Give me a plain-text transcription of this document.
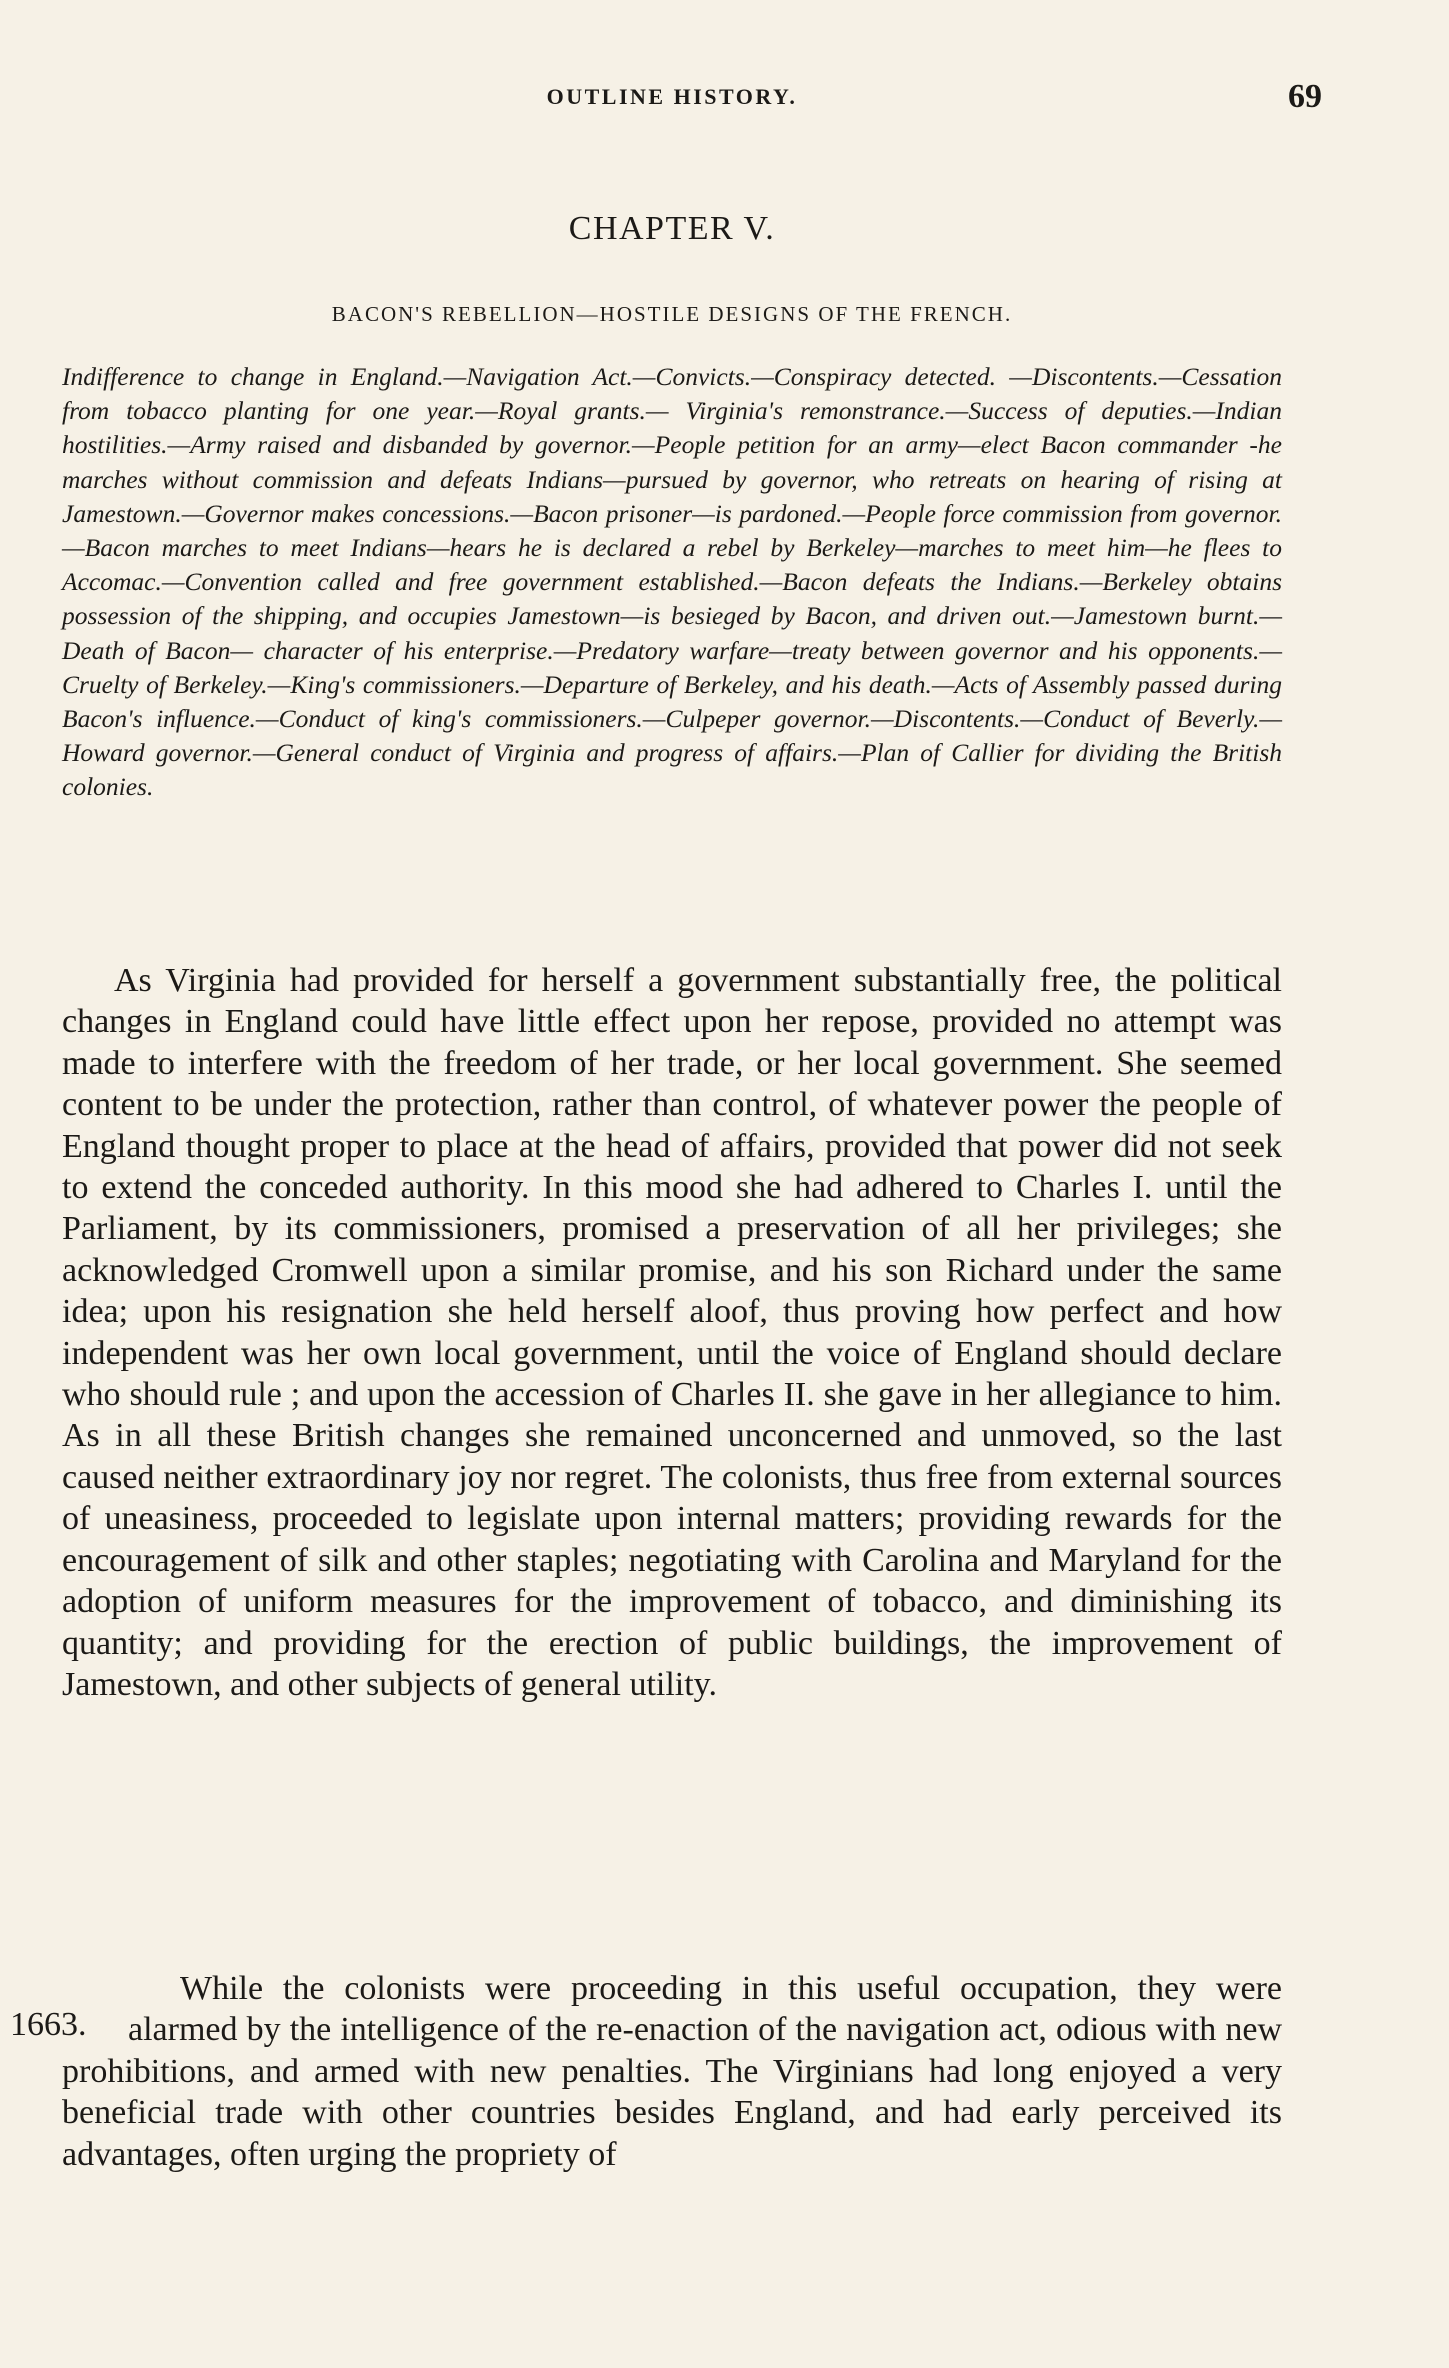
OUTLINE HISTORY.	69
CHAPTER V.
BACON'S REBELLION—HOSTILE DESIGNS OF THE FRENCH.

Indifference to change in England.—Navigation Act.—Convicts.—Conspiracy detected. —Discontents.—Cessation from tobacco planting for one year.—Royal grants.— Virginia's remonstrance.—Success of deputies.—Indian hostilities.—Army raised and disbanded by governor.—People petition for an army—elect Bacon commander -he marches without commission and defeats Indians—pursued by governor, who retreats on hearing of rising at Jamestown.—Governor makes concessions.—Bacon prisoner—is pardoned.—People force commission from governor.—Bacon marches to meet Indians—hears he is declared a rebel by Berkeley—marches to meet him—he flees to Accomac.—Convention called and free government established.—Bacon defeats the Indians.—Berkeley obtains possession of the shipping, and occupies Jamestown—is besieged by Bacon, and driven out.—Jamestown burnt.—Death of Bacon— character of his enterprise.—Predatory warfare—treaty between governor and his opponents.—Cruelty of Berkeley.—King's commissioners.—Departure of Berkeley, and his death.—Acts of Assembly passed during Bacon's influence.—Conduct of king's commissioners.—Culpeper governor.—Discontents.—Conduct of Beverly.— Howard governor.—General conduct of Virginia and progress of affairs.—Plan of Callier for dividing the British colonies.

As Virginia had provided for herself a government substantially free, the political changes in England could have little effect upon her repose, provided no attempt was made to interfere with the freedom of her trade, or her local government. She seemed content to be under the protection, rather than control, of whatever power the people of England thought proper to place at the head of affairs, provided that power did not seek to extend the conceded authority. In this mood she had adhered to Charles I. until the Parliament, by its commissioners, promised a preservation of all her privileges; she acknowledged Cromwell upon a similar promise, and his son Richard under the same idea; upon his resignation she held herself aloof, thus proving how perfect and how independent was her own local government, until the voice of England should declare who should rule ; and upon the accession of Charles II. she gave in her allegiance to him. As in all these British changes she remained unconcerned and unmoved, so the last caused neither extraordinary joy nor regret. The colonists, thus free from external sources of uneasiness, proceeded to legislate upon internal matters; providing rewards for the encouragement of silk and other staples; negotiating with Carolina and Maryland for the adoption of uniform measures for the improvement of tobacco, and diminishing its quantity; and providing for the erection of public buildings, the improvement of Jamestown, and other subjects of general utility.

1663.
While the colonists were proceeding in this useful occupation, they were alarmed by the intelligence of the re-enaction of the navigation act, odious with new prohibitions, and armed with new penalties. The Virginians had long enjoyed a very beneficial trade with other countries besides England, and had early perceived its advantages, often urging the propriety of
